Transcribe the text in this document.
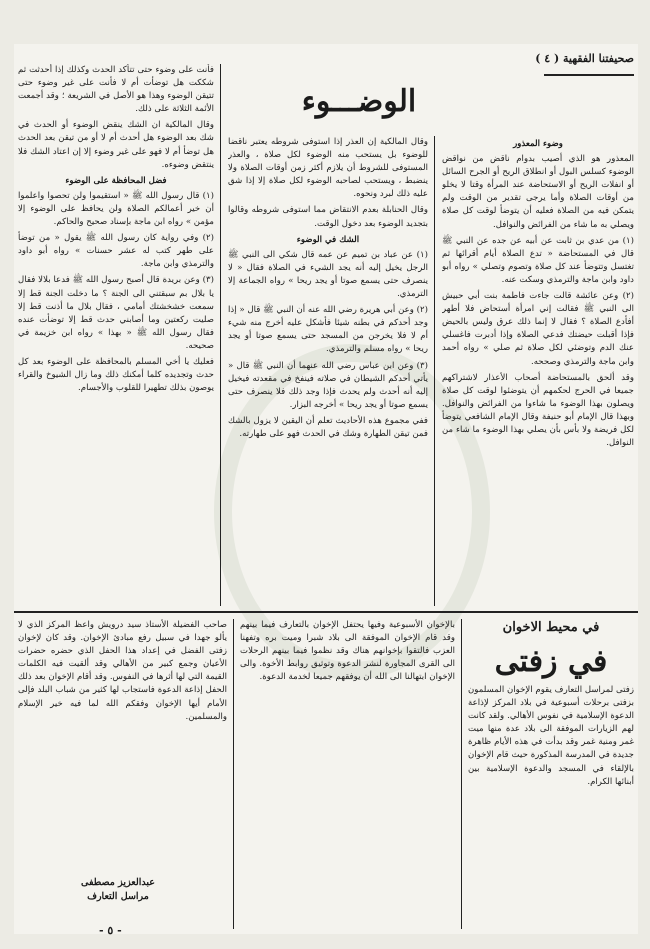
صحيفتنا الفقهية ( ٤ )
الوضـــوء
وضوء المعذور

المعذور هو الذي أصيب بدوام ناقض من نواقض الوضوء كسلس البول أو انطلاق الريح أو الجرح السائل أو انفلات الريح أو الاستحاضة عند المرأة وقتا لا يخلو من أوقات الصلاة وأما يرجى تقدير من الوقت ولم يتمكن فيه من الصلاة فعليه أن يتوضأ لوقت كل صلاة ويصلي به ما شاء من الفرائض والنوافل.

(١) من عدي بن ثابت عن أبيه عن جده عن النبي ﷺ قال في المستحاضة « تدع الصلاة أيام أقرائها ثم تغتسل وتتوضأ عند كل صلاة وتصوم وتصلي » رواه أبو داود وابن ماجة والترمذي وسكت عنه.

(٢) وعن عائشة قالت جاءت فاطمة بنت أبي حبيش الى النبي ﷺ فقالت إني امرأة أستحاض فلا أطهر أفأدع الصلاة ؟ فقال لا إنما ذلك عرق وليس بالحيض فإذا أقبلت حيضتك فدعي الصلاة وإذا أدبرت فاغسلي عنك الدم وتوضئي لكل صلاة ثم صلي » رواه أحمد وابن ماجة والترمذي وصححه.

وقد ألحق بالمستحاضة أصحاب الأعذار لاشتراكهم جميعا في الحرج لحكمهم أن يتوضئوا لوقت كل صلاة ويصلون بهذا الوضوء ما شاءوا من الفرائض والنوافل. وبهذا قال الإمام أبو حنيفة وقال الإمام الشافعي يتوضأ لكل فريضة ولا بأس بأن يصلي بهذا الوضوء ما شاء من النوافل.

وقال المالكية إن العذر إذا استوفى شروطه يعتبر ناقضا للوضوء بل يستحب منه الوضوء لكل صلاة ، والعذر المستوفى للشروط أن يلازم أكثر زمن أوقات الصلاة ولا ينضبط ، ويستحب لصاحبه الوضوء لكل صلاة إلا إذا شق عليه ذلك لبرد ونحوه.

وقال الحنابلة بعدم الانتقاض مما استوفى شروطه وقالوا بتجديد الوضوء بعد دخول الوقت.

الشك في الوضوء

(١) عن عباد بن تميم عن عمه قال شكي الى النبي ﷺ الرجل يخيل إليه أنه يجد الشيء في الصلاة فقال « لا ينصرف حتى يسمع صوتا أو يجد ريحا » رواه الجماعة إلا الترمذي.

(٢) وعن أبي هريرة رضي الله عنه أن النبي ﷺ قال « إذا وجد أحدكم في بطنه شيئا فأشكل عليه أخرج منه شيء أم لا فلا يخرجن من المسجد حتى يسمع صوتا أو يجد ريحا » رواه مسلم والترمذي.

(٣) وعن ابن عباس رضي الله عنهما أن النبي ﷺ قال « يأتي أحدكم الشيطان في صلاته فينفخ في مقعدته فيخيل إليه أنه أحدث ولم يحدث فإذا وجد ذلك فلا ينصرف حتى يسمع صوتا أو يجد ريحا » أخرجه البزار.

ففي مجموع هذه الأحاديث تعلم أن اليقين لا يزول بالشك فمن تيقن الطهارة وشك في الحدث فهو على طهارته.

فأنت على وضوء حتى تتأكد الحدث وكذلك إذا أحدثت ثم شككت هل توضأت أم لا فأنت على غير وضوء حتى تتيقن الوضوء وهذا هو الأصل في الشريعة ؛ وقد أجمعت الأئمة الثلاثة على ذلك.

وقال المالكية ان الشك ينقض الوضوء أو الحدث في شك بعد الوضوء هل أحدث أم لا أو من تيقن بعد الحدث هل توضأ أم لا فهو على غير وضوء إلا إن اعتاد الشك فلا ينتقض وضوءه.

فضل المحافظة على الوضوء

(١) قال رسول الله ﷺ « استقيموا ولن تحصوا واعلموا أن خير أعمالكم الصلاة ولن يحافظ على الوضوء إلا مؤمن » رواه ابن ماجة بإسناد صحيح والحاكم.

(٢) وفي رواية كان رسول الله ﷺ يقول « من توضأ على طهر كتب له عشر حسنات » رواه أبو داود والترمذي وابن ماجة.

(٣) وعن بريدة قال أصبح رسول الله ﷺ فدعا بلالا فقال يا بلال بم سبقتني الى الجنة ؟ ما دخلت الجنة قط إلا سمعت خشخشتك أمامي ، فقال بلال ما أذنت قط إلا صليت ركعتين وما أصابني حدث قط إلا توضأت عنده فقال رسول الله ﷺ « بهذا » رواه ابن خزيمة في صحيحه.

فعليك يا أخي المسلم بالمحافظة على الوضوء بعد كل حدث وتجديده كلما أمكنك ذلك وما زال الشيوخ والقراء يوصون بذلك تطهيرا للقلوب والأجسام.

في محيط الاخوان
في زفتى
زفتى لمراسل التعارف يقوم الإخوان المسلمون بزفتى برحلات أسبوعية في بلاد المركز لإذاعة الدعوة الإسلامية في نفوس الأهالي. ولقد كانت لهم الزيارات الموفقة الى بلاد عدة منها ميت غمر ومنية غمر وقد بدأت في هذه الأيام ظاهرة جديدة في المدرسة المذكورة حيث قام الإخوان بالإلقاء في المسجد والدعوة الإسلامية بين أبنائها الكرام.
بالإخوان الأسبوعية وفيها يحتفل الإخوان بالتعارف فيما بينهم وقد قام الإخوان الموفقة الى بلاد شبرا وميت بره وتفهنا العزب فالتقوا بإخوانهم هناك وقد نظموا فيما بينهم الرحلات الى القرى المجاورة لنشر الدعوة وتوثيق روابط الأخوة. والى الإخوان ابتهالنا الى الله أن يوفقهم جميعا لخدمة الدعوة.
صاحب الفضيلة الأستاذ سيد درويش واعظ المركز الذي لا يألو جهدا في سبيل رفع مبادئ الإخوان. وقد كان لإخوان زفتى الفضل في إعداد هذا الحفل الذي حضره حضرات الأعيان وجمع كبير من الأهالي وقد ألقيت فيه الكلمات القيمة التي لها أثرها في النفوس. وقد أقام الإخوان بعد ذلك الحفل إذاعة الدعوة فاستجاب لها كثير من شباب البلد فإلى الأمام أيها الإخوان وفقكم الله لما فيه خير الإسلام والمسلمين.
عبدالعزيز مصطفى
مراسل التعارف
- ٥ -
